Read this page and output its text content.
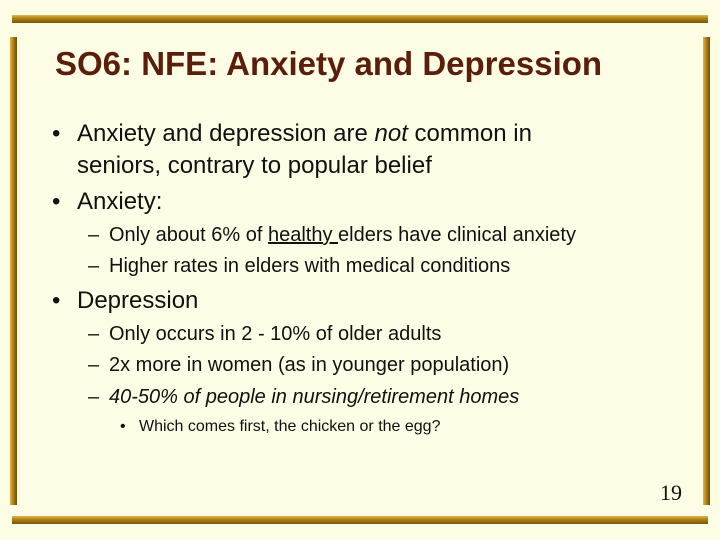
SO6: NFE: Anxiety and Depression
• Anxiety and depression are not common in
seniors, contrary to popular belief
• Anxiety:
– Only about 6% of healthy elders have clinical anxiety
– Higher rates in elders with medical conditions
• Depression
– Only occurs in 2 - 10% of older adults
– 2x more in women (as in younger population)
– 40-50% of people in nursing/retirement homes
• Which comes first, the chicken or the egg?
19
